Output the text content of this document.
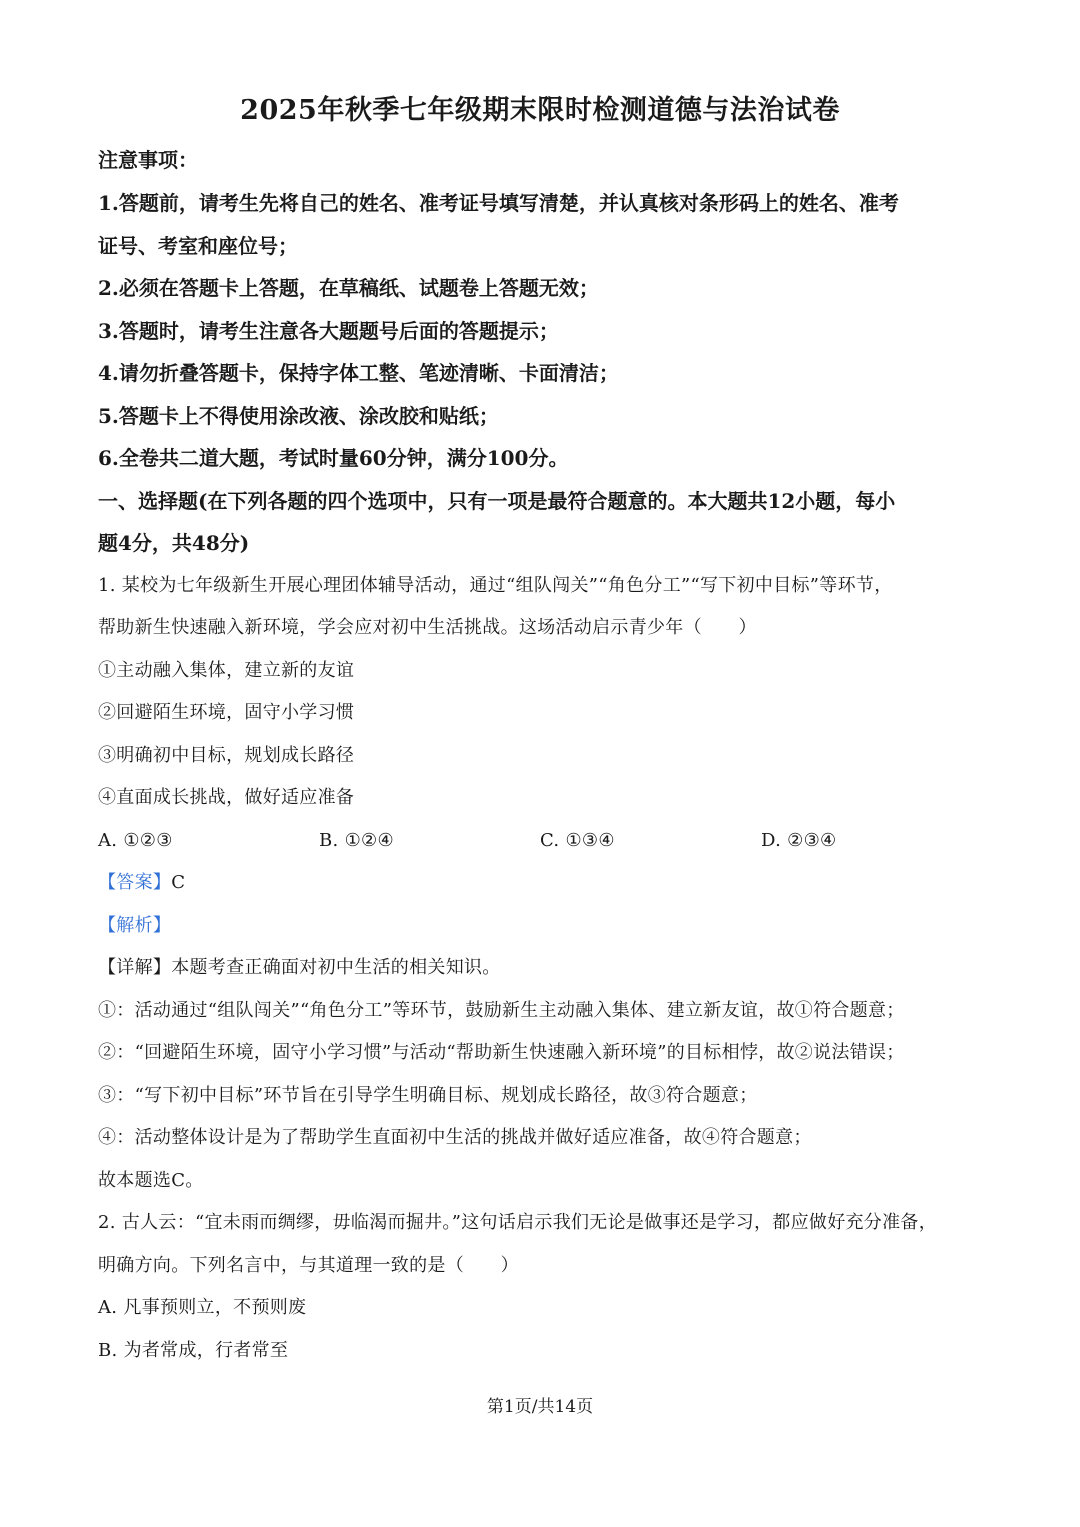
2025年秋季七年级期末限时检测道德与法治试卷
注意事项：
1.答题前，请考生先将自己的姓名、准考证号填写清楚，并认真核对条形码上的姓名、准考
证号、考室和座位号；
2.必须在答题卡上答题，在草稿纸、试题卷上答题无效；
3.答题时，请考生注意各大题题号后面的答题提示；
4.请勿折叠答题卡，保持字体工整、笔迹清晰、卡面清洁；
5.答题卡上不得使用涂改液、涂改胶和贴纸；
6.全卷共二道大题，考试时量60分钟，满分100分。
一、选择题(在下列各题的四个选项中，只有一项是最符合题意的。本大题共12小题，每小
题4分，共48分)
1. 某校为七年级新生开展心理团体辅导活动，通过“组队闯关”“角色分工”“写下初中目标”等环节，
帮助新生快速融入新环境，学会应对初中生活挑战。这场活动启示青少年（　　）
①主动融入集体，建立新的友谊
②回避陌生环境，固守小学习惯
③明确初中目标，规划成长路径
④直面成长挑战，做好适应准备
A. ①②③	B. ①②④	C. ①③④	D. ②③④
【答案】C
【解析】
【详解】本题考查正确面对初中生活的相关知识。
①：活动通过“组队闯关”“角色分工”等环节，鼓励新生主动融入集体、建立新友谊，故①符合题意；
②：“回避陌生环境，固守小学习惯”与活动“帮助新生快速融入新环境”的目标相悖，故②说法错误；
③：“写下初中目标”环节旨在引导学生明确目标、规划成长路径，故③符合题意；
④：活动整体设计是为了帮助学生直面初中生活的挑战并做好适应准备，故④符合题意；
故本题选C。
2. 古人云：“宜未雨而绸缪，毋临渴而掘井。”这句话启示我们无论是做事还是学习，都应做好充分准备，
明确方向。下列名言中，与其道理一致的是（　　）
A. 凡事预则立，不预则废
B. 为者常成，行者常至
第1页/共14页
